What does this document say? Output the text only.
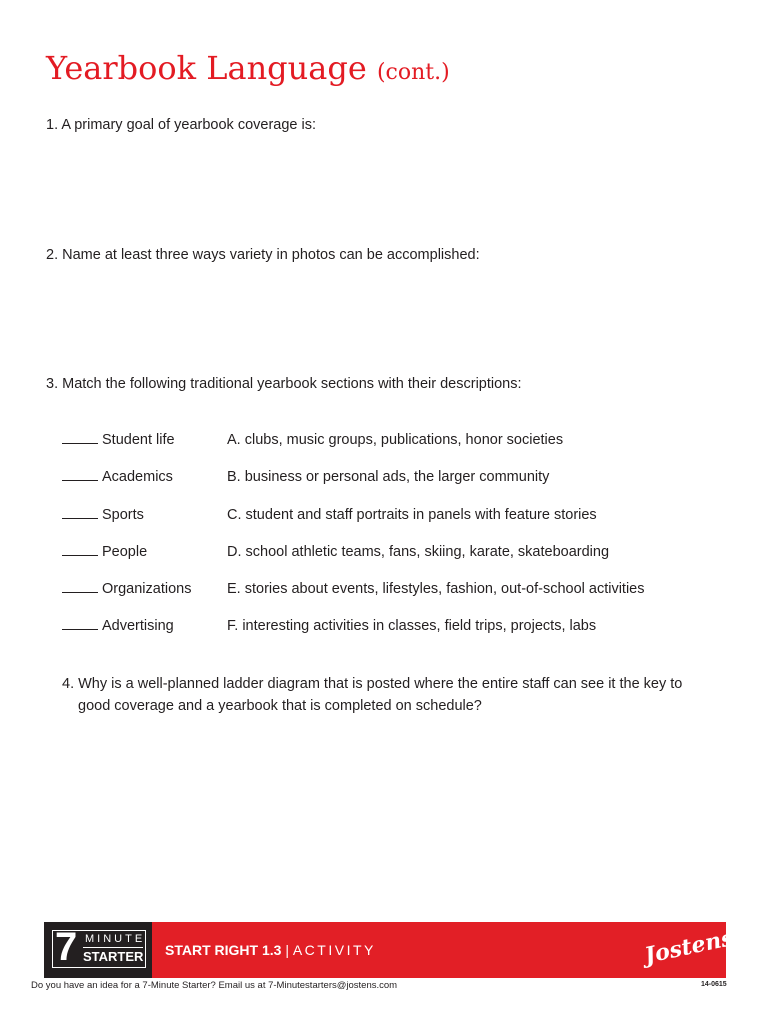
Yearbook Language (cont.)

1. A primary goal of yearbook coverage is:

2. Name at least three ways variety in photos can be accomplished:

3. Match the following traditional yearbook sections with their descriptions:

Student life	A. clubs, music groups, publications, honor societies
Academics	B. business or personal ads, the larger community
Sports	C. student and staff portraits in panels with feature stories
People	D. school athletic teams, fans, skiing, karate, skateboarding
Organizations E. stories about events, lifestyles, fashion, out-of-school activities
Advertising	F. interesting activities in classes, field trips, projects, labs

4. Why is a well-planned ladder diagram that is posted where the entire staff can see it the key to good coverage and a yearbook that is completed on schedule?

7 MINUTE
STARTER START RIGHT 1.3 | ACTIVITY	Jostens
Do you have an idea for a 7-Minute Starter? Email us at 7-Minutestarters@jostens.com	14-0615
